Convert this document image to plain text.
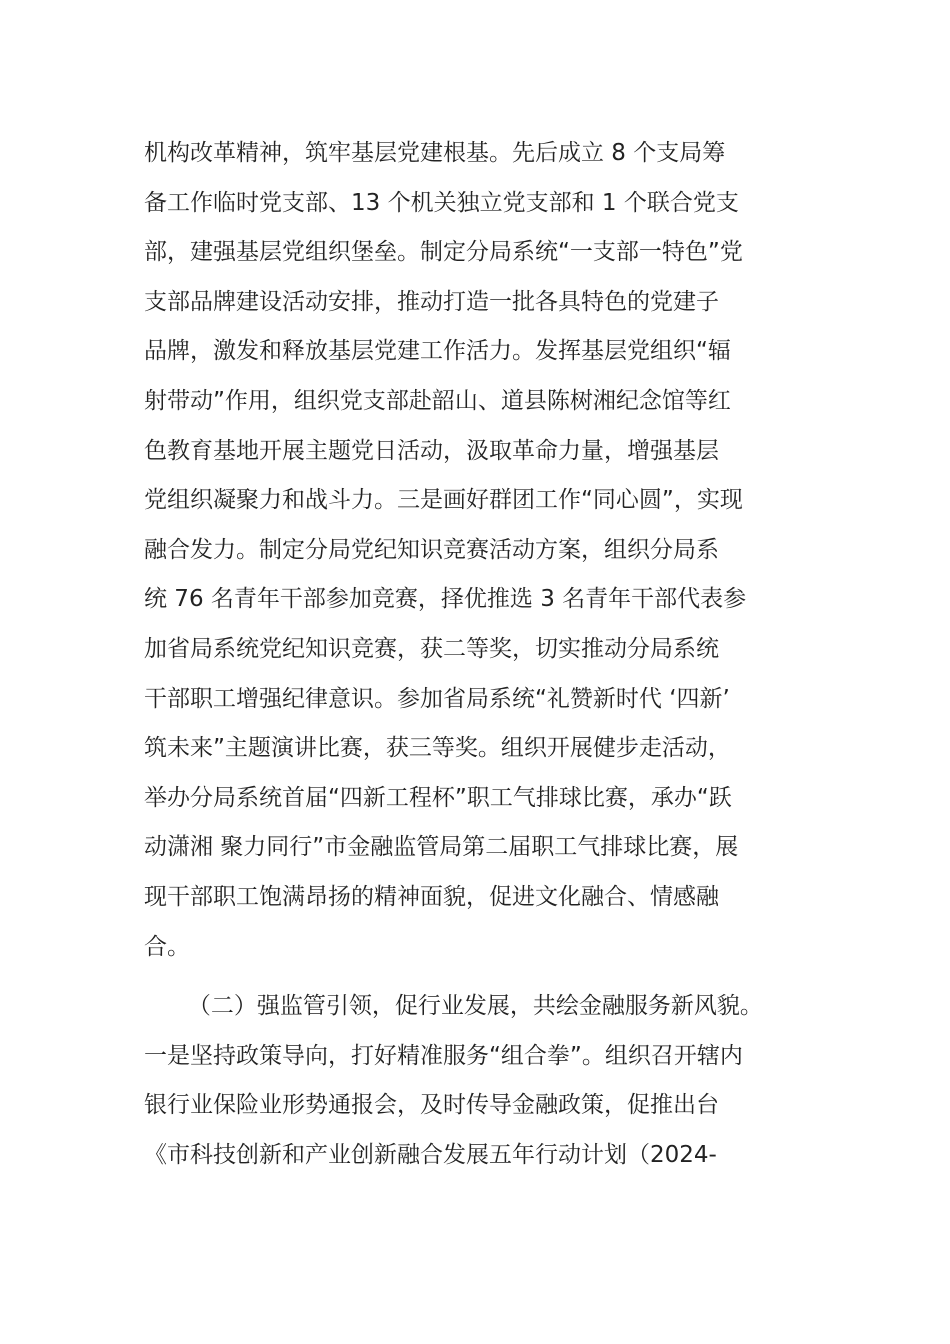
机构改革精神，筑牢基层党建根基。先后成立 8 个支局筹
备工作临时党支部、13 个机关独立党支部和 1 个联合党支
部，建强基层党组织堡垒。制定分局系统“一支部一特色”党
支部品牌建设活动安排，推动打造一批各具特色的党建子
品牌，激发和释放基层党建工作活力。发挥基层党组织“辐
射带动”作用，组织党支部赴韶山、道县陈树湘纪念馆等红
色教育基地开展主题党日活动，汲取革命力量，增强基层
党组织凝聚力和战斗力。三是画好群团工作“同心圆”，实现
融合发力。制定分局党纪知识竞赛活动方案，组织分局系
统 76 名青年干部参加竞赛，择优推选 3 名青年干部代表参
加省局系统党纪知识竞赛，获二等奖，切实推动分局系统
干部职工增强纪律意识。参加省局系统“礼赞新时代 ‘四新’
筑未来”主题演讲比赛，获三等奖。组织开展健步走活动，
举办分局系统首届“四新工程杯”职工气排球比赛，承办“跃
动潇湘 聚力同行”市金融监管局第二届职工气排球比赛，展
现干部职工饱满昂扬的精神面貌，促进文化融合、情感融
合。
（二）强监管引领，促行业发展，共绘金融服务新风貌。
一是坚持政策导向，打好精准服务“组合拳”。组织召开辖内
银行业保险业形势通报会，及时传导金融政策，促推出台
《市科技创新和产业创新融合发展五年行动计划（2024-
